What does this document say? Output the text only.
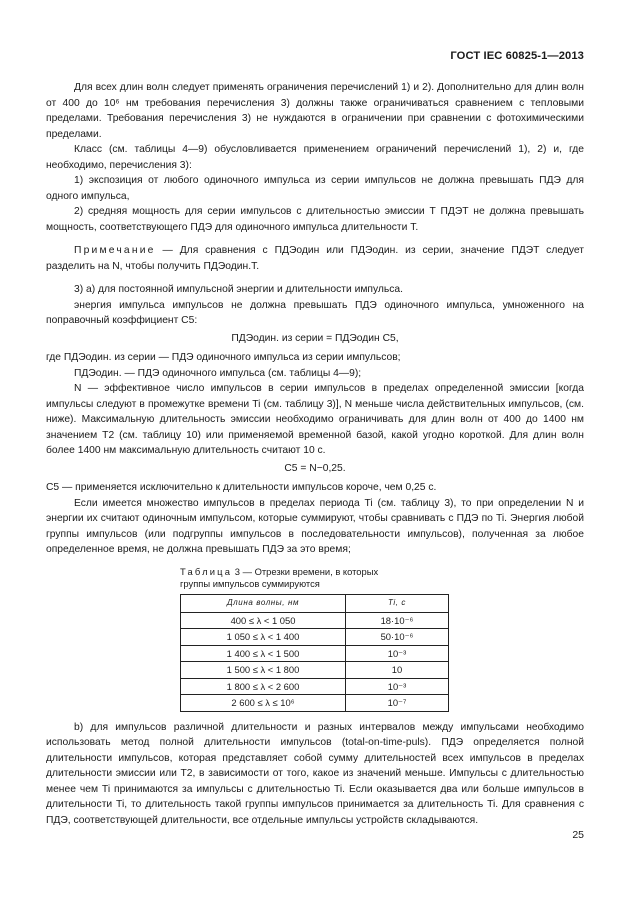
ГОСТ IEC 60825-1—2013

Для всех длин волн следует применять ограничения перечислений 1) и 2). Дополнительно для длин волн от 400 до 10⁶ нм требования перечисления 3) должны также ограничиваться сравнением с тепловыми пределами. Требования перечисления 3) не нуждаются в ограничении при сравнении с фотохимическими пределами.

Класс (см. таблицы 4—9) обусловливается применением ограничений перечислений 1), 2) и, где необходимо, перечисления 3):

1) экспозиция от любого одиночного импульса из серии импульсов не должна превышать ПДЭ для одного импульса,

2) средняя мощность для серии импульсов с длительностью эмиссии T ПДЭT не должна превышать мощность, соответствующего ПДЭ для одиночного импульса длительности T.

Примечание — Для сравнения с ПДЭодин или ПДЭодин. из серии, значение ПДЭT следует разделить на N, чтобы получить ПДЭодин.T.

3) а) для постоянной импульсной энергии и длительности импульса.

энергия импульса импульсов не должна превышать ПДЭ одиночного импульса, умноженного на поправочный коэффициент C5:

ПДЭодин. из серии = ПДЭодин C5,

где ПДЭодин. из серии — ПДЭ одиночного импульса из серии импульсов;

ПДЭодин. — ПДЭ одиночного импульса (см. таблицы 4—9);

N — эффективное число импульсов в серии импульсов в пределах определенной эмиссии [когда импульсы следуют в промежутке времени Ti (см. таблицу 3)], N меньше числа действительных импульсов, (см. ниже). Максимальную длительность эмиссии необходимо ограничивать для длин волн от 400 до 1400 нм значением T2 (см. таблицу 10) или применяемой временной базой, какой угодно короткой. Для длин волн более 1400 нм максимальную длительность считают 10 с.

C5 = N−0,25.

C5 — применяется исключительно к длительности импульсов короче, чем 0,25 с.

Если имеется множество импульсов в пределах периода Ti (см. таблицу 3), то при определении N и энергии их считают одиночным импульсом, которые суммируют, чтобы сравнивать с ПДЭ по Ti. Энергия любой группы импульсов (или подгруппы импульсов в последовательности импульсов), полученная за любое определенное время, не должна превышать ПДЭ за это время;

Таблица 3 — Отрезки времени, в которых группы импульсов суммируются
Длина волны, нм	Ti, с
400 ≤ λ < 1 050	18·10⁻⁶
1 050 ≤ λ < 1 400	50·10⁻⁶
1 400 ≤ λ < 1 500	10⁻³
1 500 ≤ λ < 1 800	10
1 800 ≤ λ < 2 600	10⁻³
2 600 ≤ λ ≤ 10⁶	10⁻⁷

b) для импульсов различной длительности и разных интервалов между импульсами необходимо использовать метод полной длительности импульсов (total-on-time-puls). ПДЭ определяется полной длительности импульсов, которая представляет собой сумму длительностей всех импульсов в пределах длительности эмиссии или T2, в зависимости от того, какое из значений меньше. Импульсы с длительностью менее чем Ti принимаются за импульсы с длительностью Ti. Если оказывается два или больше импульсов в длительности Ti, то длительность такой группы импульсов принимается за длительность Ti. Для сравнения с ПДЭ, соответствующей длительности, все отдельные импульсы устройств складываются.

25
